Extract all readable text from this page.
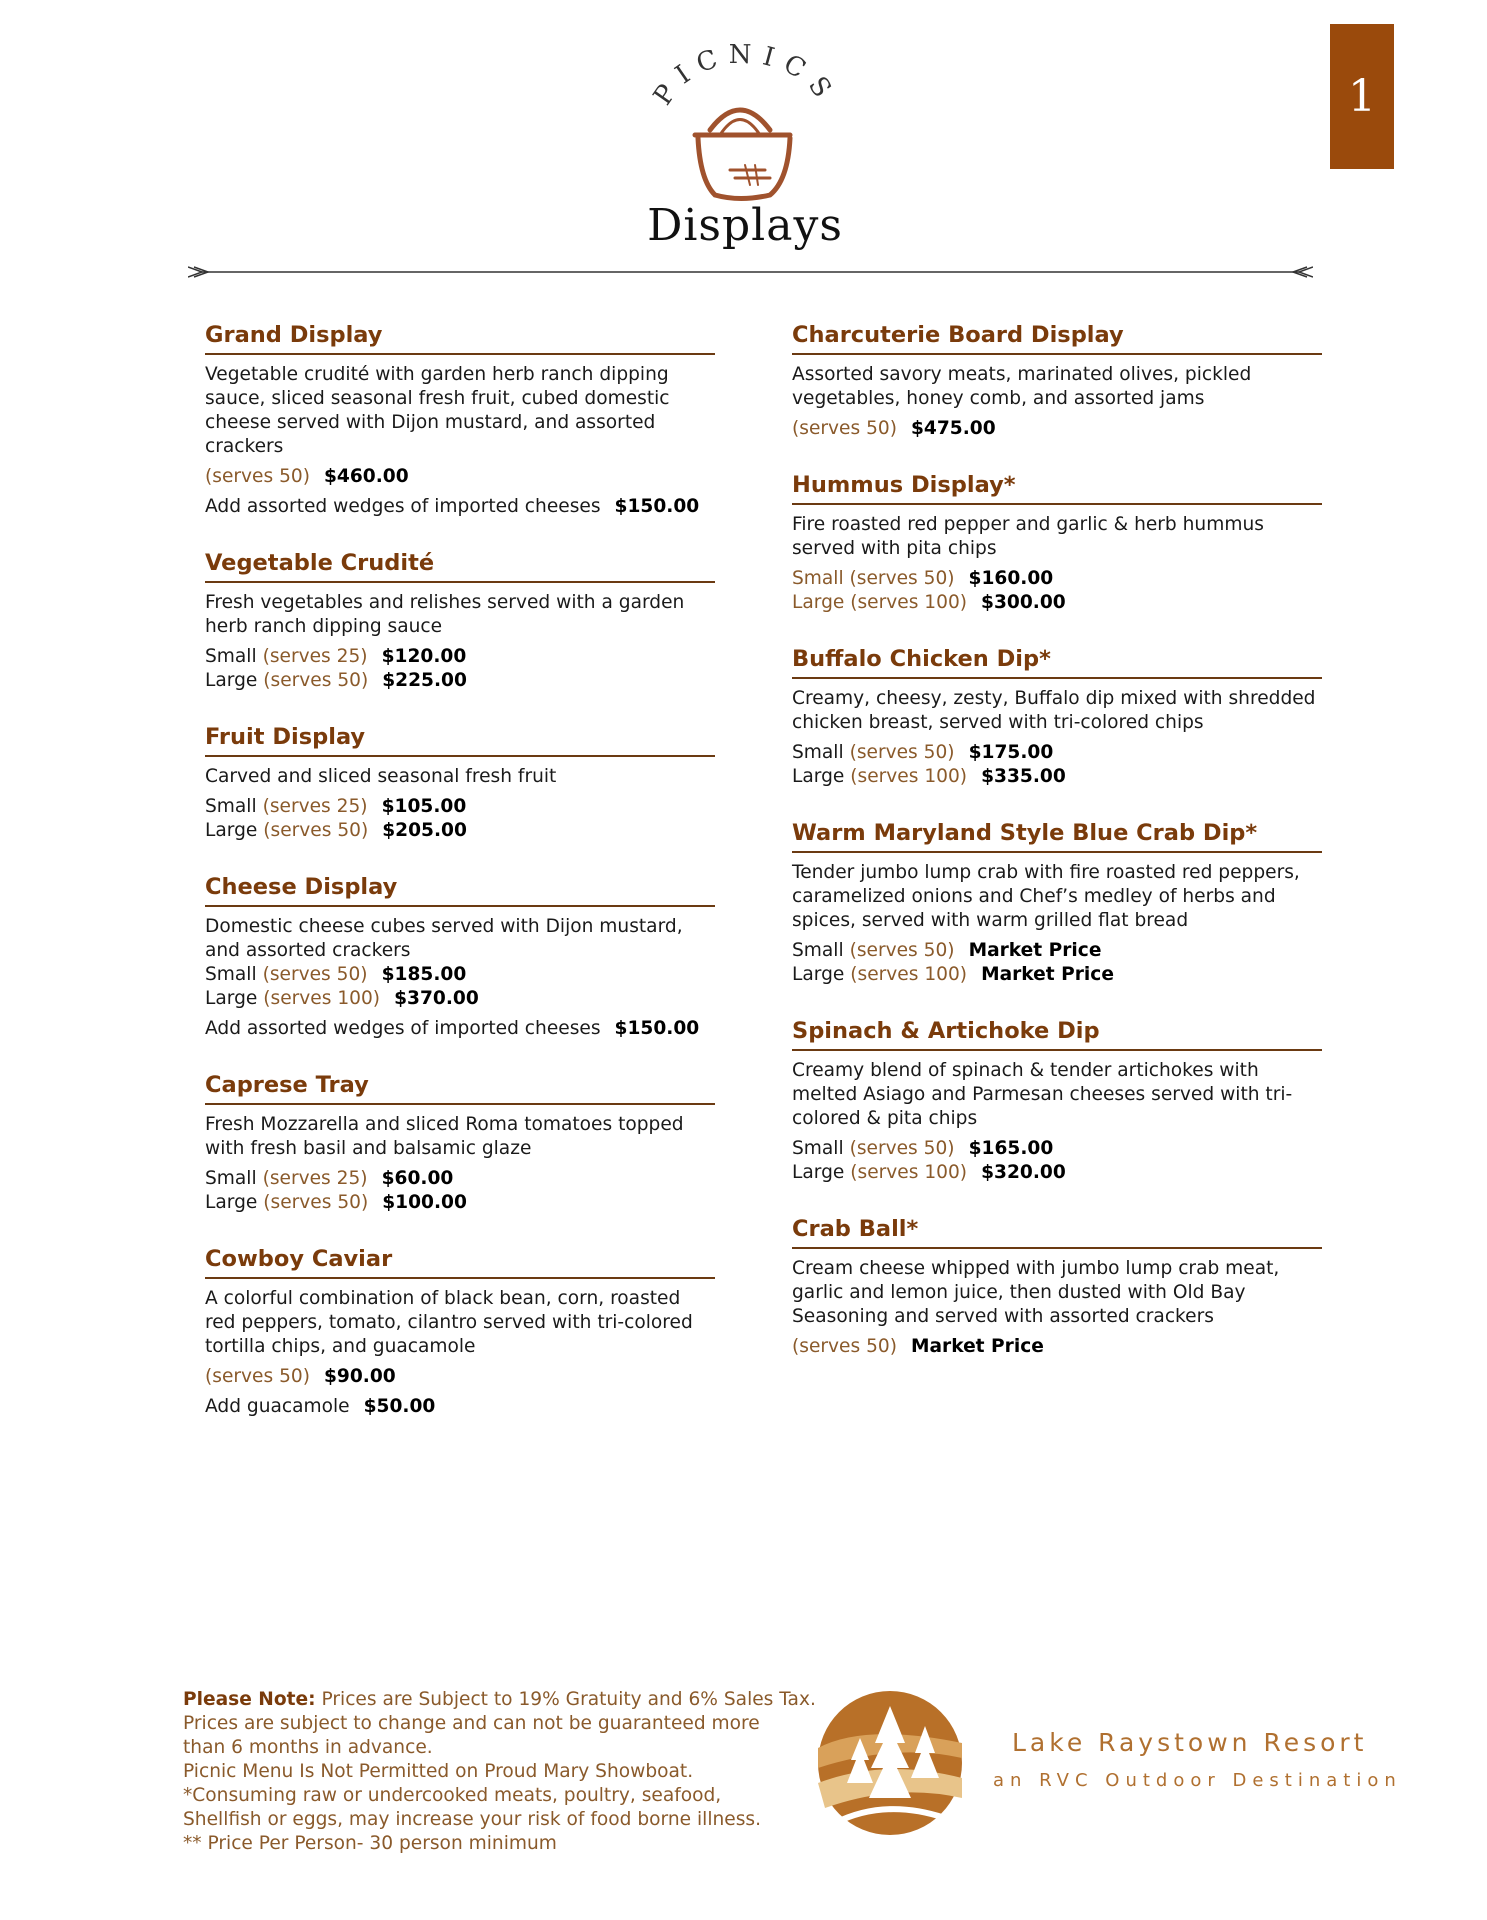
1
PICNICS
Displays
Grand Display
Vegetable crudité with garden herb ranch dipping sauce, sliced seasonal fresh fruit, cubed domestic cheese served with Dijon mustard, and assorted crackers
(serves 50) $460.00
Add assorted wedges of imported cheeses $150.00
Vegetable Crudité
Fresh vegetables and relishes served with a garden herb ranch dipping sauce
Small (serves 25) $120.00
Large (serves 50) $225.00
Fruit Display
Carved and sliced seasonal fresh fruit
Small (serves 25) $105.00
Large (serves 50) $205.00
Cheese Display
Domestic cheese cubes served with Dijon mustard, and assorted crackers
Small (serves 50) $185.00
Large (serves 100) $370.00
Add assorted wedges of imported cheeses $150.00
Caprese Tray
Fresh Mozzarella and sliced Roma tomatoes topped with fresh basil and balsamic glaze
Small (serves 25) $60.00
Large (serves 50) $100.00
Cowboy Caviar
A colorful combination of black bean, corn, roasted red peppers, tomato, cilantro served with tri-colored tortilla chips, and guacamole
(serves 50) $90.00
Add guacamole $50.00
Charcuterie Board Display
Assorted savory meats, marinated olives, pickled vegetables, honey comb, and assorted jams
(serves 50) $475.00
Hummus Display*
Fire roasted red pepper and garlic & herb hummus served with pita chips
Small (serves 50) $160.00
Large (serves 100) $300.00
Buffalo Chicken Dip*
Creamy, cheesy, zesty, Buffalo dip mixed with shredded chicken breast, served with tri-colored chips
Small (serves 50) $175.00
Large (serves 100) $335.00
Warm Maryland Style Blue Crab Dip*
Tender jumbo lump crab with fire roasted red peppers, caramelized onions and Chef’s medley of herbs and spices, served with warm grilled flat bread
Small (serves 50) Market Price
Large (serves 100) Market Price
Spinach & Artichoke Dip
Creamy blend of spinach & tender artichokes with melted Asiago and Parmesan cheeses served with tri-colored & pita chips
Small (serves 50) $165.00
Large (serves 100) $320.00
Crab Ball*
Cream cheese whipped with jumbo lump crab meat, garlic and lemon juice, then dusted with Old Bay Seasoning and served with assorted crackers
(serves 50) Market Price
Please Note: Prices are Subject to 19% Gratuity and 6% Sales Tax.
Prices are subject to change and can not be guaranteed more
than 6 months in advance.
Picnic Menu Is Not Permitted on Proud Mary Showboat.
*Consuming raw or undercooked meats, poultry, seafood,
Shellfish or eggs, may increase your risk of food borne illness.
** Price Per Person- 30 person minimum
Lake Raystown Resort
an RVC Outdoor Destination
